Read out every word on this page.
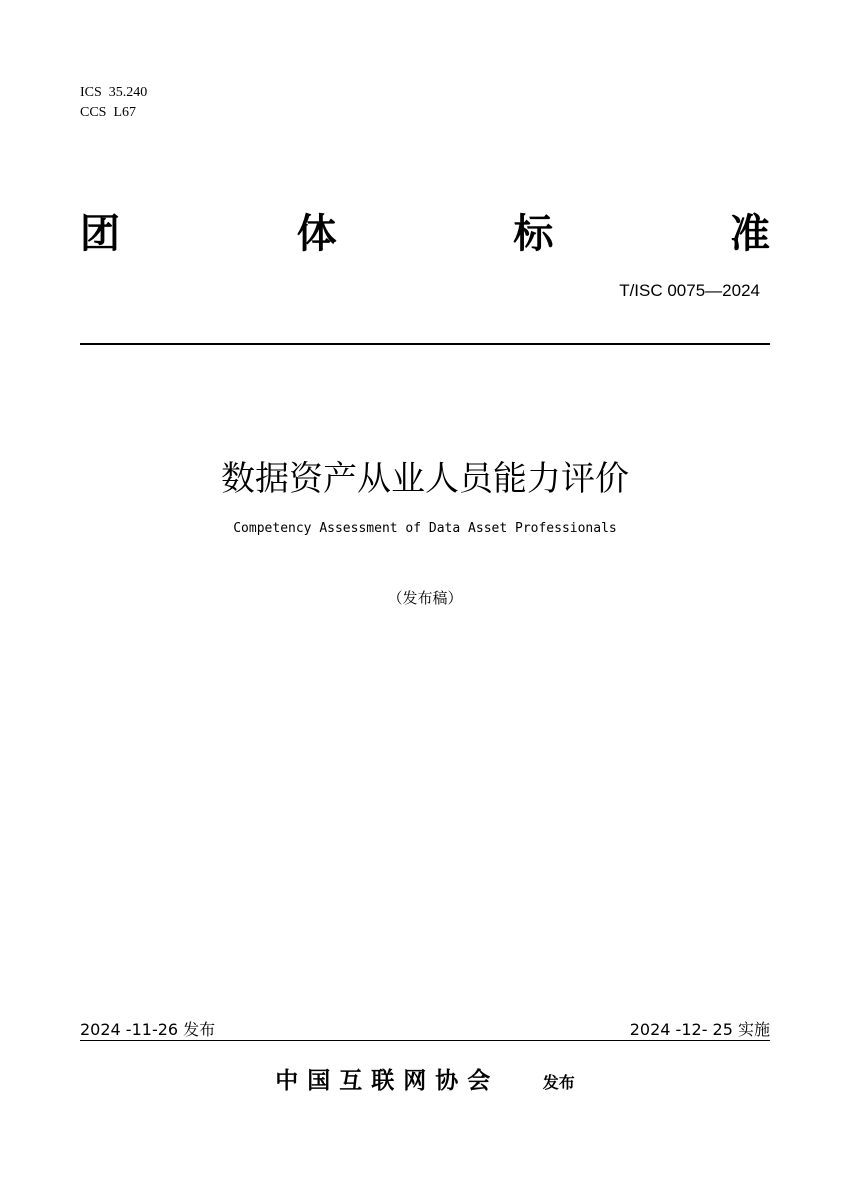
ICS  35.240
CCS  L67
团	体	标	准
T/ISC 0075—2024
数据资产从业人员能力评价
Competency Assessment of Data Asset Professionals
（发布稿）
2024 -11-26 发布	2024 -12- 25 实施
中国互联网协会	发布
